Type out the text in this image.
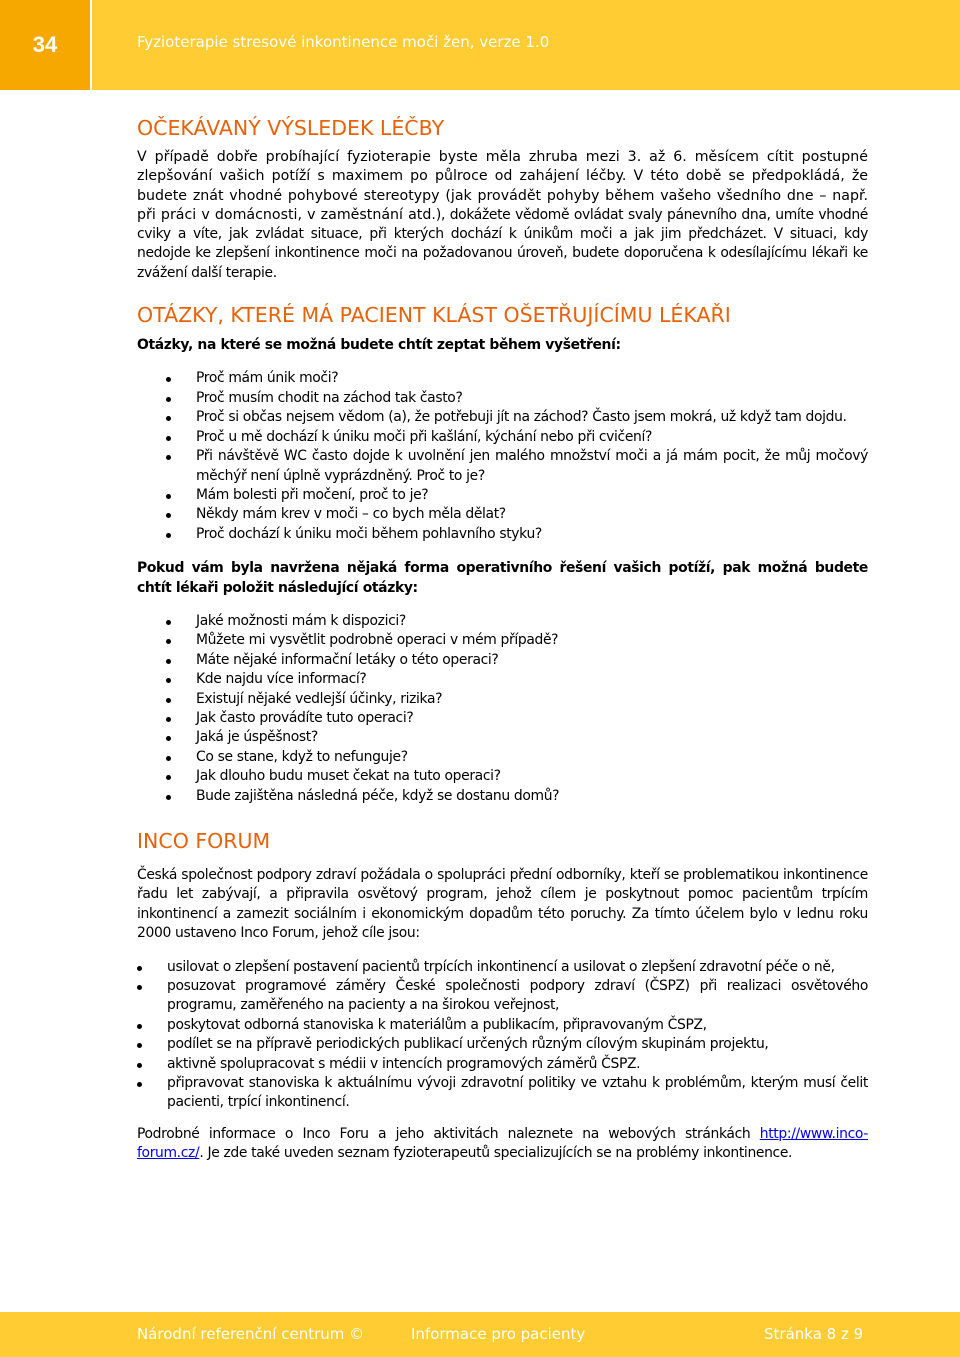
34	Fyzioterapie stresové inkontinence moči žen, verze 1.0
OČEKÁVANÝ VÝSLEDEK LÉČBY

V případě dobře probíhající fyzioterapie byste měla zhruba mezi 3. až 6. měsícem cítit postupné zlepšování vašich potíží s maximem po půlroce od zahájení léčby. V této době se předpokládá, že budete znát vhodné pohybové stereotypy (jak provádět pohyby během vašeho všedního dne – např. při práci v domácnosti, v zaměstnání atd.), dokážete vědomě ovládat svaly pánevního dna, umíte vhodné cviky a víte, jak zvládat situace, při kterých dochází k únikům moči a jak jim předcházet. V situaci, kdy nedojde ke zlepšení inkontinence moči na požadovanou úroveň, budete doporučena k odesílajícímu lékaři ke zvážení další terapie.

OTÁZKY, KTERÉ MÁ PACIENT KLÁST OŠETŘUJÍCÍMU LÉKAŘI

Otázky, na které se možná budete chtít zeptat během vyšetření:

Proč mám únik moči?
Proč musím chodit na záchod tak často?
Proč si občas nejsem vědom (a), že potřebuji jít na záchod? Často jsem mokrá, už když tam dojdu.
Proč u mě dochází k úniku moči při kašlání, kýchání nebo při cvičení?
Při návštěvě WC často dojde k uvolnění jen malého množství moči a já mám pocit, že můj močový měchýř není úplně vyprázdněný. Proč to je?
Mám bolesti při močení, proč to je?
Někdy mám krev v moči – co bych měla dělat?
Proč dochází k úniku moči během pohlavního styku?

Pokud vám byla navržena nějaká forma operativního řešení vašich potíží, pak možná budete chtít lékaři položit následující otázky:

Jaké možnosti mám k dispozici?
Můžete mi vysvětlit podrobně operaci v mém případě?
Máte nějaké informační letáky o této operaci?
Kde najdu více informací?
Existují nějaké vedlejší účinky, rizika?
Jak často provádíte tuto operaci?
Jaká je úspěšnost?
Co se stane, když to nefunguje?
Jak dlouho budu muset čekat na tuto operaci?
Bude zajištěna následná péče, když se dostanu domů?
INCO FORUM

Česká společnost podpory zdraví požádala o spolupráci přední odborníky, kteří se problematikou inkontinence řadu let zabývají, a připravila osvětový program, jehož cílem je poskytnout pomoc pacientům trpícím inkontinencí a zamezit sociálním i ekonomickým dopadům této poruchy. Za tímto účelem bylo v lednu roku 2000 ustaveno Inco Forum, jehož cíle jsou:

usilovat o zlepšení postavení pacientů trpících inkontinencí a usilovat o zlepšení zdravotní péče o ně,
posuzovat programové záměry České společnosti podpory zdraví (ČSPZ) při realizaci osvětového programu, zaměřeného na pacienty a na širokou veřejnost,
poskytovat odborná stanoviska k materiálům a publikacím, připravovaným ČSPZ,
podílet se na přípravě periodických publikací určených různým cílovým skupinám projektu,
aktivně spolupracovat s médii v intencích programových záměrů ČSPZ.
připravovat stanoviska k aktuálnímu vývoji zdravotní politiky ve vztahu k problémům, kterým musí čelit pacienti, trpící inkontinencí.

Podrobné informace o Inco Foru a jeho aktivitách naleznete na webových stránkách http://www.inco-forum.cz/. Je zde také uveden seznam fyzioterapeutů specializujících se na problémy inkontinence.

Národní referenční centrum ©	Informace pro pacienty	Stránka 8 z 9
